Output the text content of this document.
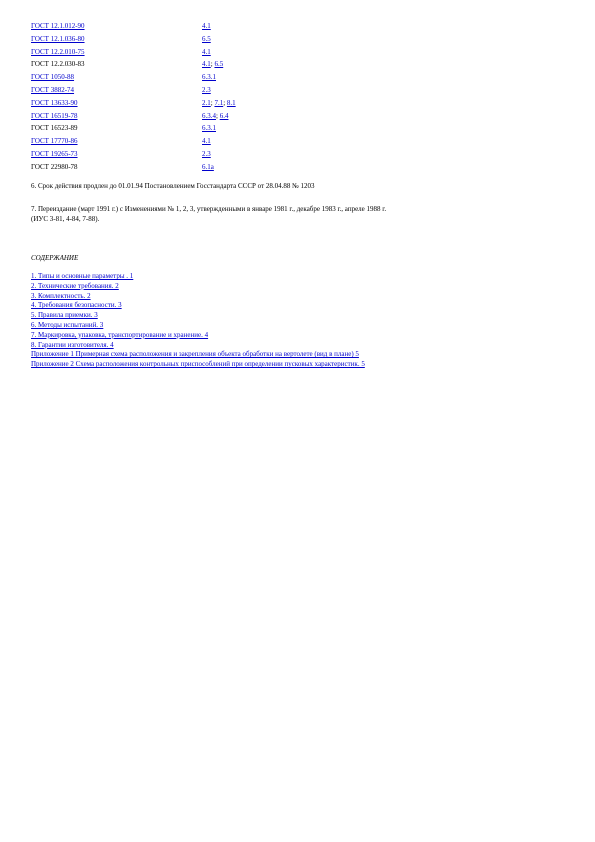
ГОСТ 12.1.012-90	4.1
ГОСТ 12.1.036-80	6.5
ГОСТ 12.2.010-75	4.1
ГОСТ 12.2.030-83	4.1; 6.5
ГОСТ 1050-88	6.3.1
ГОСТ 3882-74	2.3
ГОСТ 13633-90	2.1; 7.1; 8.1
ГОСТ 16519-78	6.3.4; 6.4
ГОСТ 16523-89	6.3.1
ГОСТ 17770-86	4.1
ГОСТ 19265-73	2.3
ГОСТ 22980-78	6.1а
6. Срок действия продлен до 01.01.94 Постановлением Госстандарта СССР от 28.04.88 № 1203
7. Переиздание (март 1991 г.) с Изменениями № 1, 2, 3, утвержденными в январе 1981 г., декабре 1983 г., апреле 1988 г.
(ИУС 3-81, 4-84, 7-88).
СОДЕРЖАНИЕ
1. Типы и основные параметры . 1
2. Технические требования. 2
3. Комплектность. 2
4. Требования безопасности. 3
5. Правила приемки. 3
6. Методы испытаний. 3
7. Маркировка, упаковка, транспортирование и хранение. 4
8. Гарантии изготовителя. 4
Приложение 1 Примерная схема расположения и закрепления объекта обработки на вертолете (вид в плане) 5
Приложение 2 Схема расположения контрольных приспособлений при определении пусковых характеристик. 5
